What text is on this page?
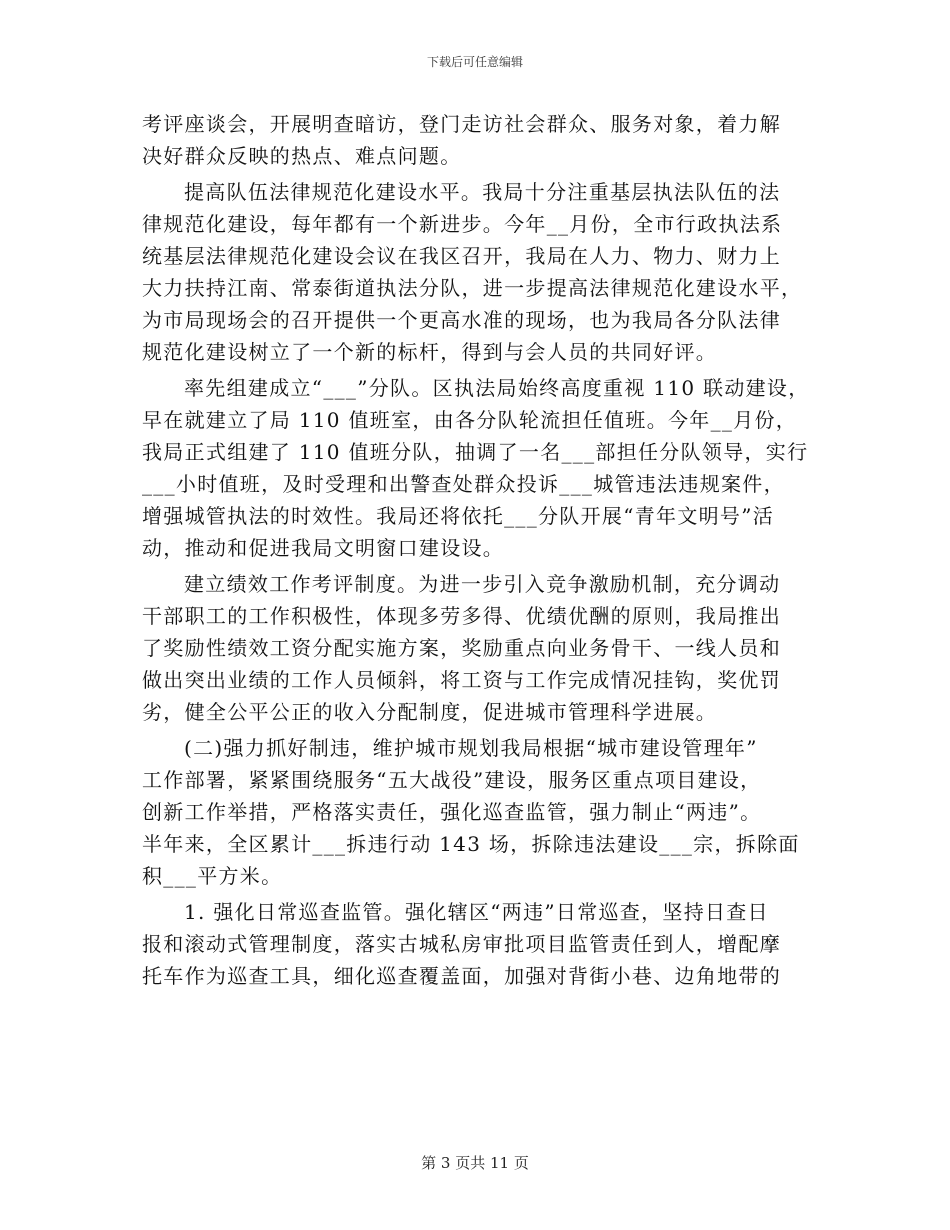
下载后可任意编辑
考评座谈会，开展明查暗访，登门走访社会群众、服务对象，着力解
决好群众反映的热点、难点问题。
提高队伍法律规范化建设水平。我局十分注重基层执法队伍的法
律规范化建设，每年都有一个新进步。今年__月份，全市行政执法系
统基层法律规范化建设会议在我区召开，我局在人力、物力、财力上
大力扶持江南、常泰街道执法分队，进一步提高法律规范化建设水平，
为市局现场会的召开提供一个更高水准的现场，也为我局各分队法律
规范化建设树立了一个新的标杆，得到与会人员的共同好评。
率先组建成立“___”分队。区执法局始终高度重视 110 联动建设，
早在就建立了局 110 值班室，由各分队轮流担任值班。今年__月份，
我局正式组建了 110 值班分队，抽调了一名___部担任分队领导，实行
___小时值班，及时受理和出警查处群众投诉___城管违法违规案件，
增强城管执法的时效性。我局还将依托___分队开展“青年文明号”活
动，推动和促进我局文明窗口建设设。
建立绩效工作考评制度。为进一步引入竞争激励机制，充分调动
干部职工的工作积极性，体现多劳多得、优绩优酬的原则，我局推出
了奖励性绩效工资分配实施方案，奖励重点向业务骨干、一线人员和
做出突出业绩的工作人员倾斜，将工资与工作完成情况挂钩，奖优罚
劣，健全公平公正的收入分配制度，促进城市管理科学进展。
(二)强力抓好制违，维护城市规划我局根据“城市建设管理年”
工作部署，紧紧围绕服务“五大战役”建设，服务区重点项目建设，
创新工作举措，严格落实责任，强化巡查监管，强力制止“两违”。
半年来，全区累计___拆违行动 143 场，拆除违法建设___宗，拆除面
积___平方米。
1. 强化日常巡查监管。强化辖区“两违”日常巡查，坚持日查日
报和滚动式管理制度，落实古城私房审批项目监管责任到人，增配摩
托车作为巡查工具，细化巡查覆盖面，加强对背街小巷、边角地带的
第 3 页共 11 页
